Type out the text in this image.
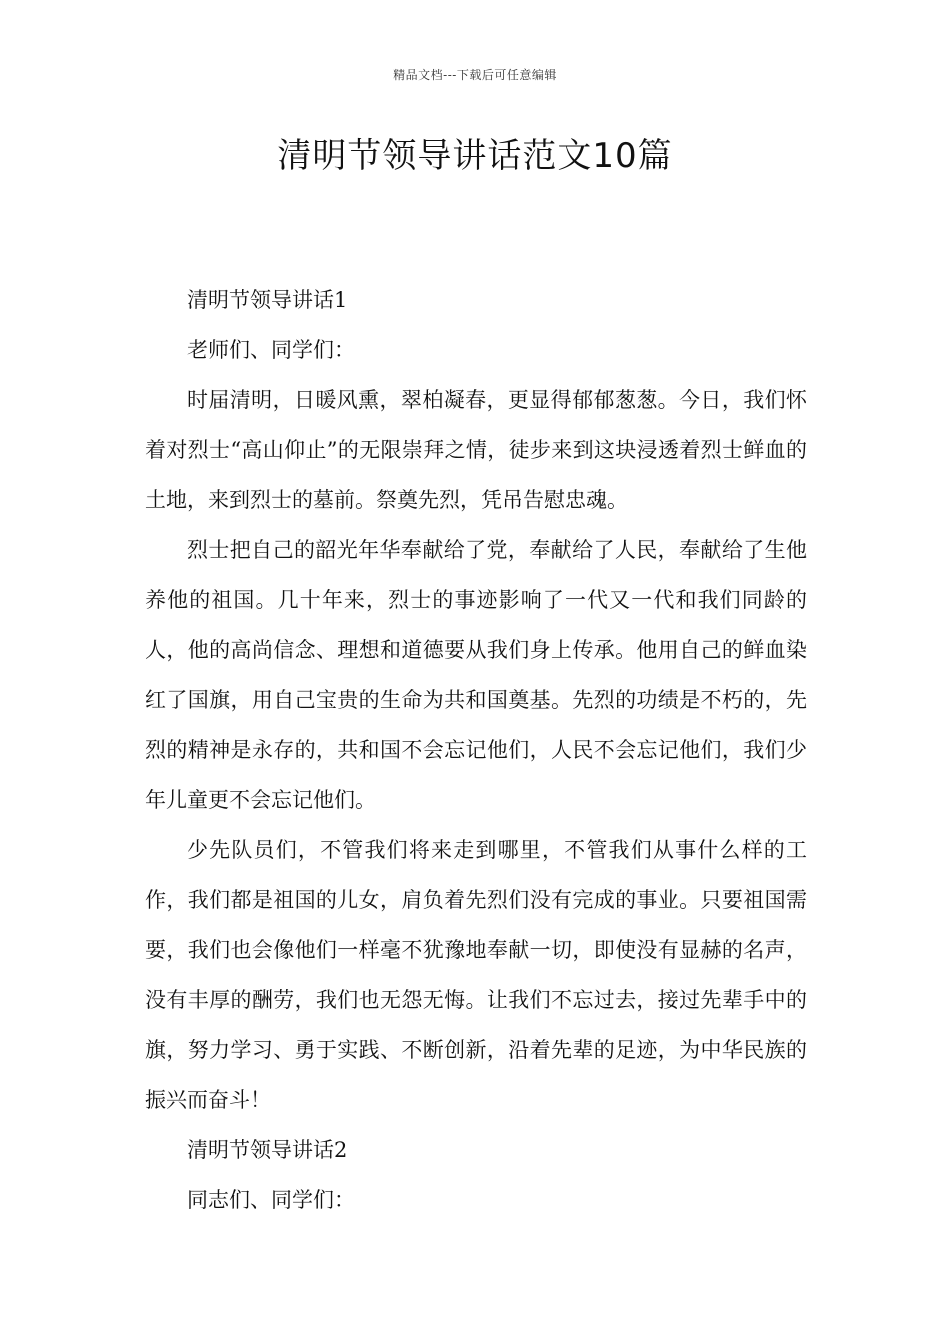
精品文档---下载后可任意编辑
清明节领导讲话范文10篇

清明节领导讲话1

老师们、同学们：

时届清明，日暖风熏，翠柏凝春，更显得郁郁葱葱。今日，我们怀着对烈士“高山仰止”的无限崇拜之情，徒步来到这块浸透着烈士鲜血的土地，来到烈士的墓前。祭奠先烈，凭吊告慰忠魂。

烈士把自己的韶光年华奉献给了党，奉献给了人民，奉献给了生他养他的祖国。几十年来，烈士的事迹影响了一代又一代和我们同龄的人，他的高尚信念、理想和道德要从我们身上传承。他用自己的鲜血染红了国旗，用自己宝贵的生命为共和国奠基。先烈的功绩是不朽的，先烈的精神是永存的，共和国不会忘记他们，人民不会忘记他们，我们少年儿童更不会忘记他们。

少先队员们，不管我们将来走到哪里，不管我们从事什么样的工作，我们都是祖国的儿女，肩负着先烈们没有完成的事业。只要祖国需要，我们也会像他们一样毫不犹豫地奉献一切，即使没有显赫的名声，没有丰厚的酬劳，我们也无怨无悔。让我们不忘过去，接过先辈手中的旗，努力学习、勇于实践、不断创新，沿着先辈的足迹，为中华民族的振兴而奋斗！

清明节领导讲话2

同志们、同学们：
